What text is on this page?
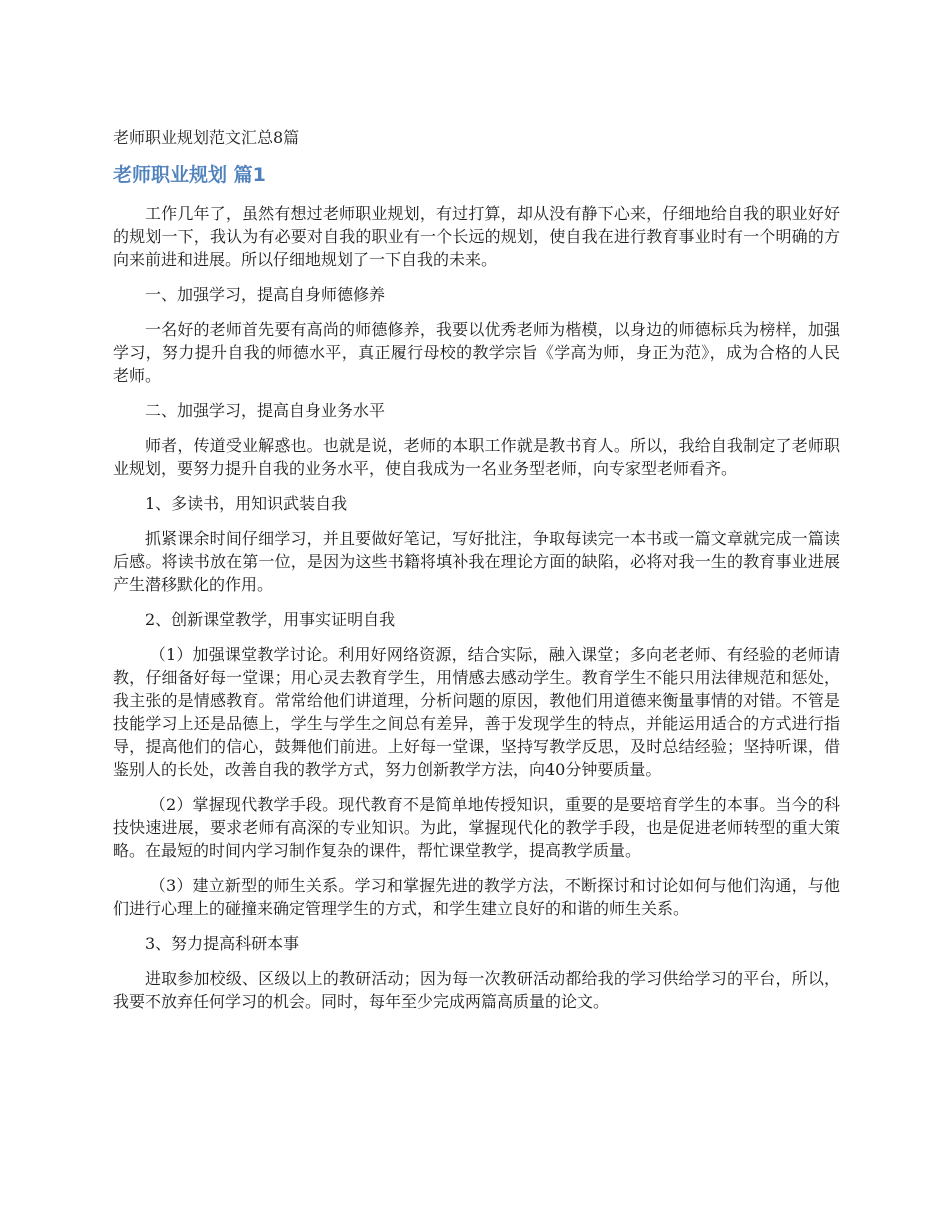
老师职业规划范文汇总8篇
老师职业规划 篇1

工作几年了，虽然有想过老师职业规划，有过打算，却从没有静下心来，仔细地给自我的职业好好的规划一下，我认为有必要对自我的职业有一个长远的规划，使自我在进行教育事业时有一个明确的方向来前进和进展。所以仔细地规划了一下自我的未来。

一、加强学习，提高自身师德修养

一名好的老师首先要有高尚的师德修养，我要以优秀老师为楷模，以身边的师德标兵为榜样，加强学习，努力提升自我的师德水平，真正履行母校的教学宗旨《学高为师，身正为范》，成为合格的人民老师。

二、加强学习，提高自身业务水平

师者，传道受业解惑也。也就是说，老师的本职工作就是教书育人。所以，我给自我制定了老师职业规划，要努力提升自我的业务水平，使自我成为一名业务型老师，向专家型老师看齐。

1、多读书，用知识武装自我

抓紧课余时间仔细学习，并且要做好笔记，写好批注，争取每读完一本书或一篇文章就完成一篇读后感。将读书放在第一位，是因为这些书籍将填补我在理论方面的缺陷，必将对我一生的教育事业进展产生潜移默化的作用。

2、创新课堂教学，用事实证明自我

（1）加强课堂教学讨论。利用好网络资源，结合实际，融入课堂；多向老老师、有经验的老师请教，仔细备好每一堂课；用心灵去教育学生，用情感去感动学生。教育学生不能只用法律规范和惩处，我主张的是情感教育。常常给他们讲道理，分析问题的原因，教他们用道德来衡量事情的对错。不管是技能学习上还是品德上，学生与学生之间总有差异，善于发现学生的特点，并能运用适合的方式进行指导，提高他们的信心，鼓舞他们前进。上好每一堂课，坚持写教学反思，及时总结经验；坚持听课，借鉴别人的长处，改善自我的教学方式，努力创新教学方法，向40分钟要质量。

（2）掌握现代教学手段。现代教育不是简单地传授知识，重要的是要培育学生的本事。当今的科技快速进展，要求老师有高深的专业知识。为此，掌握现代化的教学手段，也是促进老师转型的重大策略。在最短的时间内学习制作复杂的课件，帮忙课堂教学，提高教学质量。

（3）建立新型的师生关系。学习和掌握先进的教学方法，不断探讨和讨论如何与他们沟通，与他们进行心理上的碰撞来确定管理学生的方式，和学生建立良好的和谐的师生关系。

3、努力提高科研本事

进取参加校级、区级以上的教研活动；因为每一次教研活动都给我的学习供给学习的平台，所以，我要不放弃任何学习的机会。同时，每年至少完成两篇高质量的论文。
